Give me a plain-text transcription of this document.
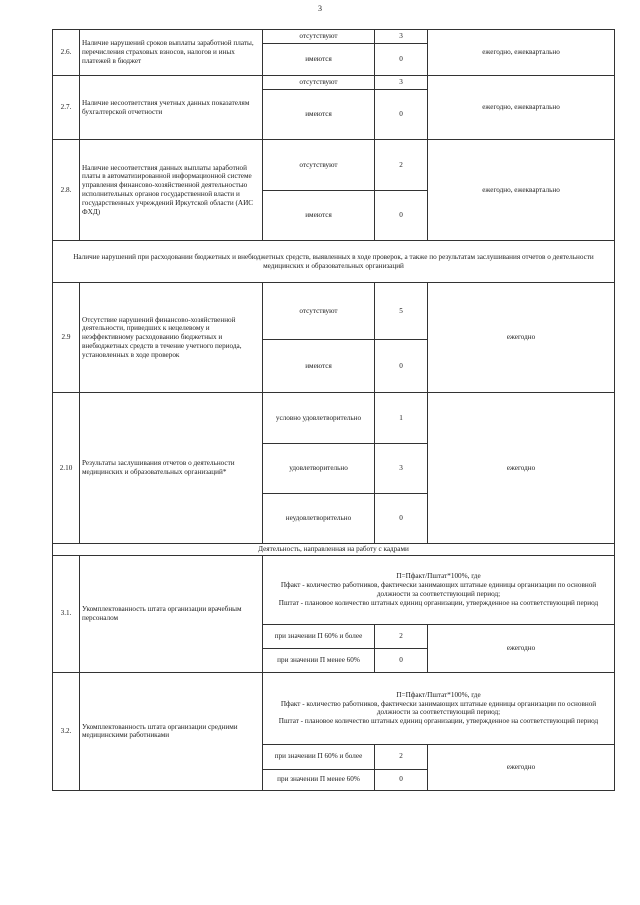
3
2.6.	Наличие нарушений сроков выплаты заработной платы, перечисления страховых взносов, налогов и иных платежей в бюджет	отсутствуют	3	ежегодно, ежеквартально
		имеются	0	
2.7.	Наличие несоответствия учетных данных показателям бухгалтерской отчетности	отсутствуют	3	ежегодно, ежеквартально
		имеются	0	
2.8.	Наличие несоответствия данных выплаты заработной платы в автоматизированной информационной системе управления финансово-хозяйственной деятельностью исполнительных органов государственной власти и государственных учреждений Иркутской области (АИС ФХД)	отсутствуют	2	ежегодно, ежеквартально
		имеются	0	
Наличие нарушений при расходовании бюджетных и внебюджетных средств, выявленных в ходе проверок, а также по результатам заслушивания отчетов о деятельности медицинских и образовательных организаций				
2.9	Отсутствие нарушений финансово-хозяйственной деятельности, приведших к нецелевому и неэффективному расходованию бюджетных и внебюджетных средств в течение учетного периода, установленных в ходе проверок	отсутствуют	5	ежегодно
		имеются	0	
2.10	Результаты заслушивания отчетов о деятельности медицинских и образовательных организаций*	условно удовлетворительно	1	ежегодно
		удовлетворительно	3	
		неудовлетворительно	0	
Деятельность, направленная на работу с кадрами				
3.1.	Укомплектованность штата организации врачебным персоналом	П=Пфакт/Пштат*100%, где
Пфакт - количество работников, фактически занимающих штатные единицы организации по основной должности за соответствующий период;
Пштат - плановое количество штатных единиц организации, утвержденное на соответствующий период		

		при значении П 60% и более	2	ежегодно
		при значении П менее 60%	0	
3.2.	Укомплектованность штата организации средними медицинскими работниками	П=Пфакт/Пштат*100%, где
Пфакт - количество работников, фактически занимающих штатные единицы организации по основной должности за соответствующий период;
Пштат - плановое количество штатных единиц организации, утвержденное на соответствующий период		

		при значении П 60% и более	2	ежегодно
		при значении П менее 60%	0	
